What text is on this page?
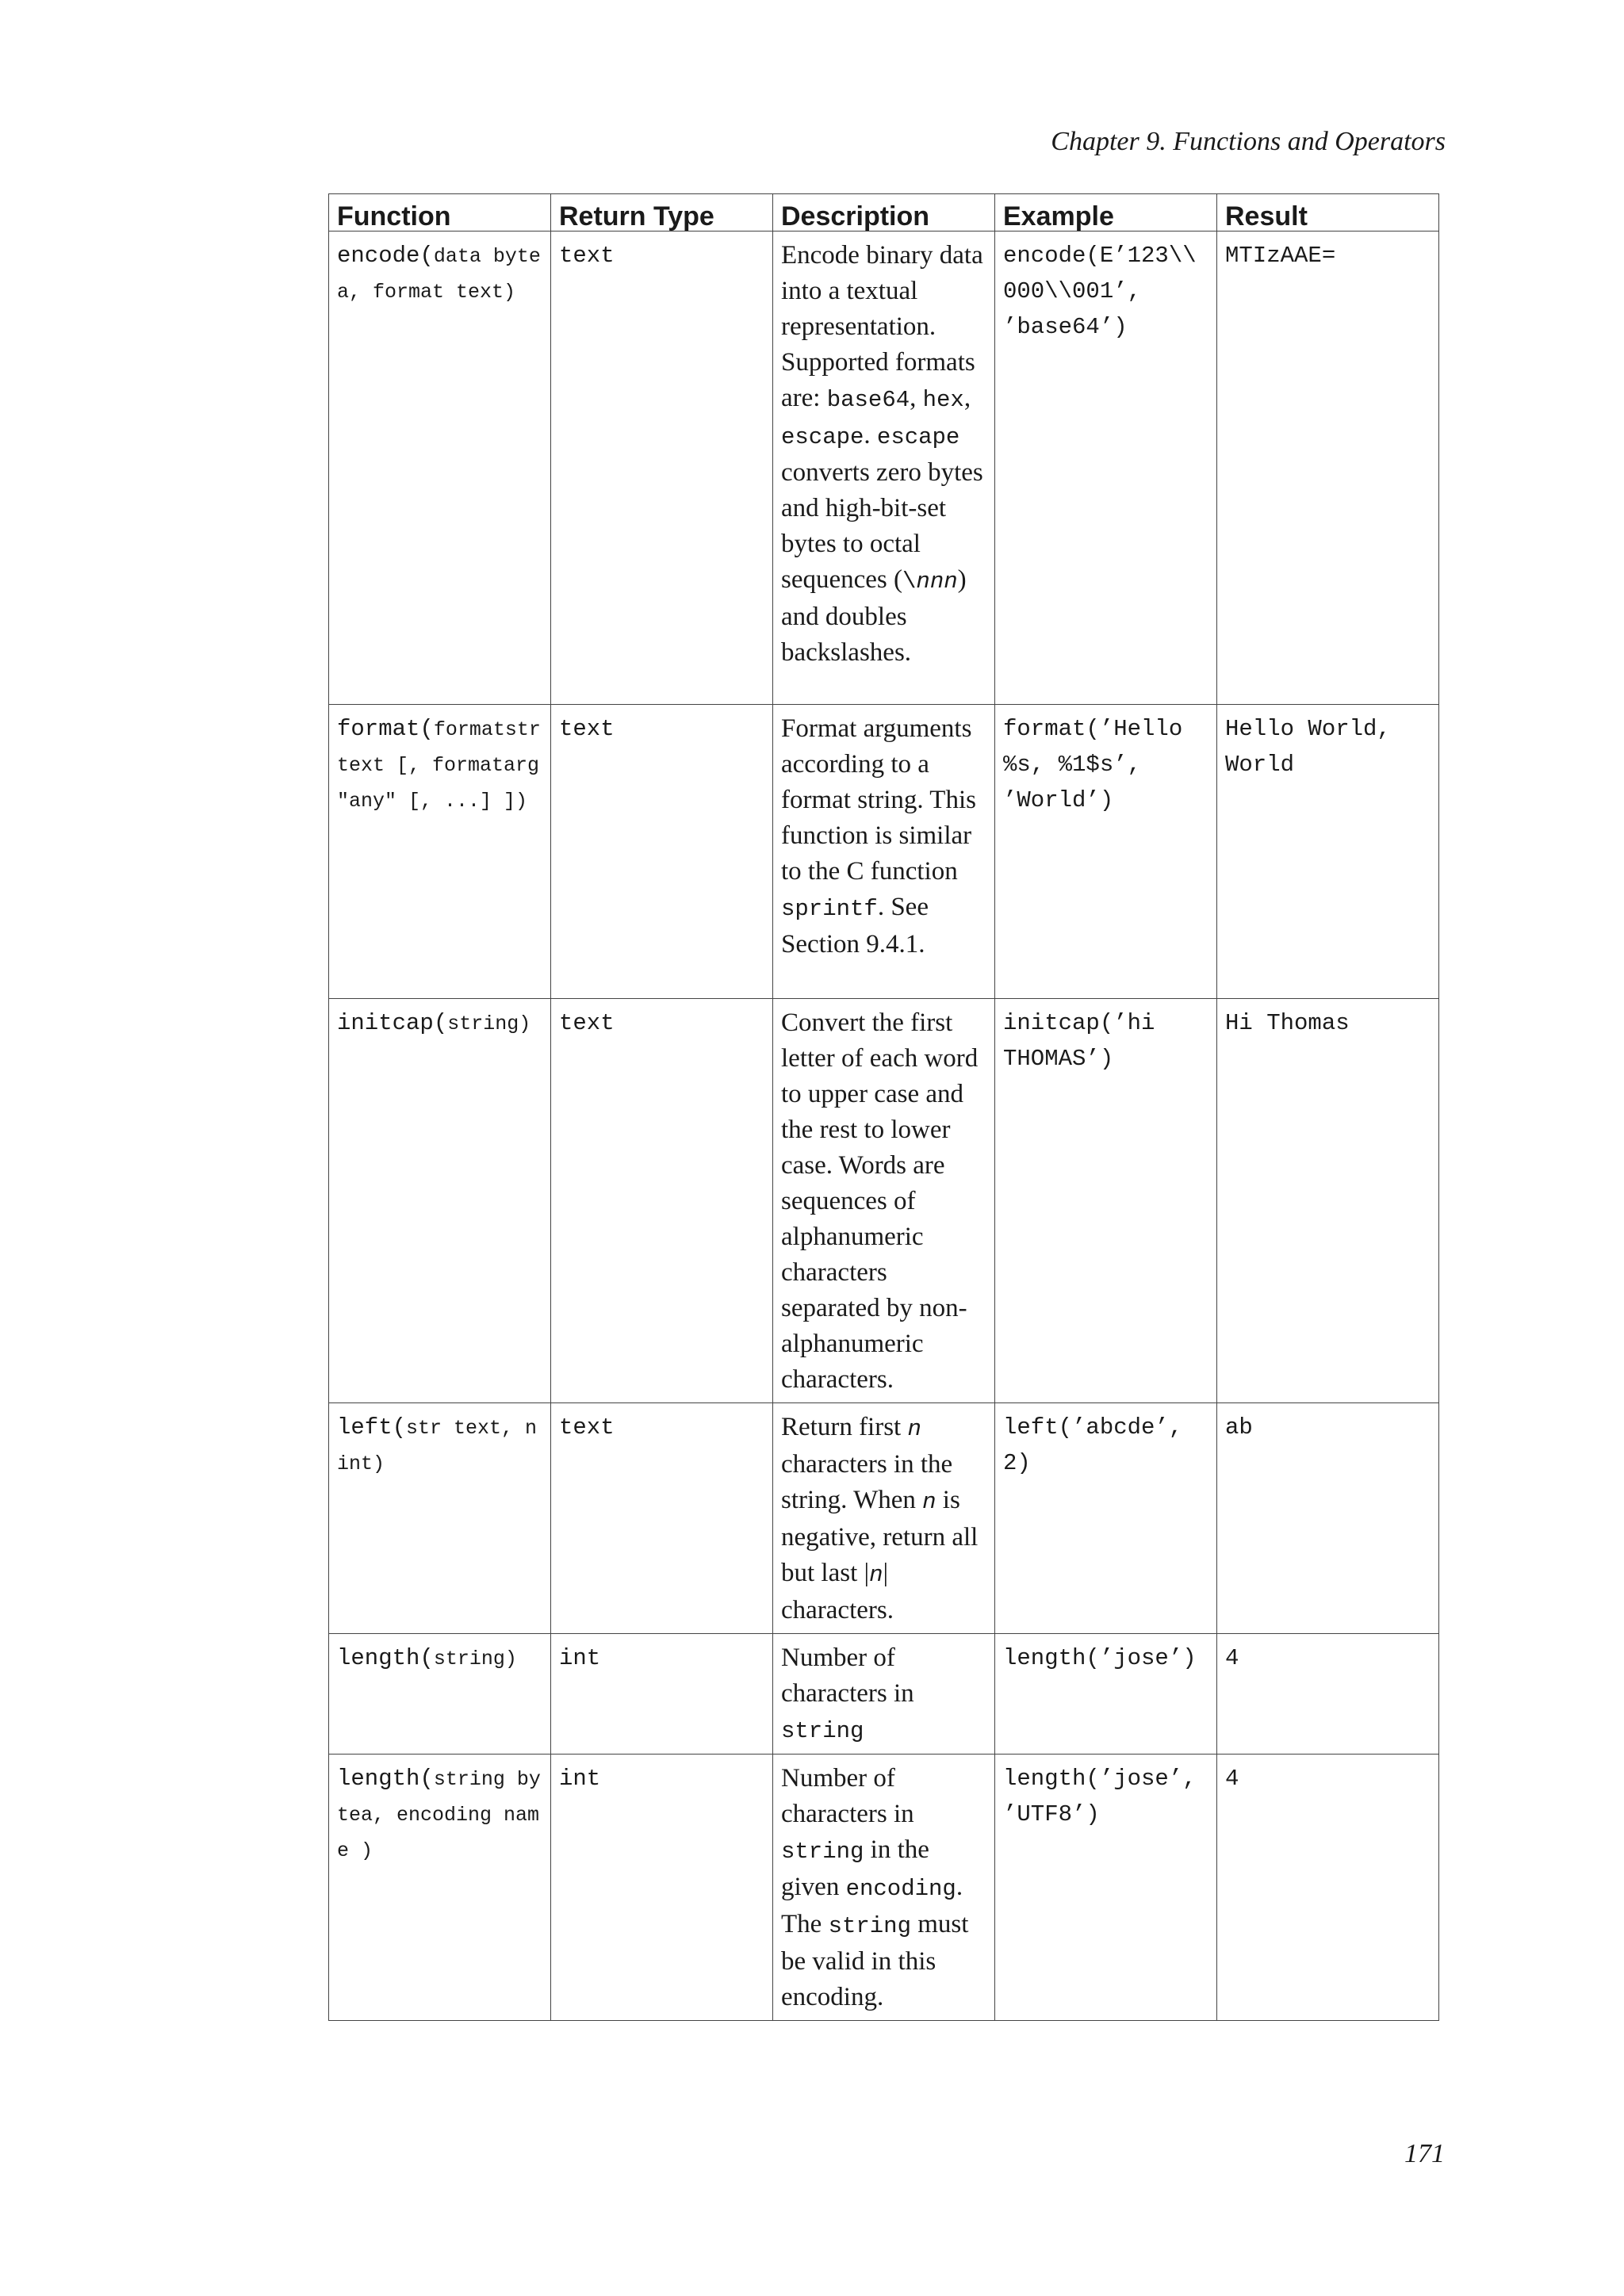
Chapter 9. Functions and Operators
Function	Return Type	Description	Example	Result
encode(data bytea, format text)	text	Encode binary data into a textual representation. Supported formats are: base64, hex, escape. escape converts zero bytes and high-bit-set bytes to octal sequences (\nnn) and doubles backslashes.	encode(E’123\\000\\001’, ’base64’)	MTIzAAE=
format(formatstr text [, formatarg "any" [, ...] ])	text	Format arguments according to a format string. This function is similar to the C function sprintf. See Section 9.4.1.	format(’Hello %s, %1$s’, ’World’)	Hello World, World
initcap(string)	text	Convert the first letter of each word to upper case and the rest to lower case. Words are sequences of alphanumeric characters separated by non-alphanumeric characters.	initcap(’hi THOMAS’)	Hi Thomas
left(str text, n int)	text	Return first n characters in the string. When n is negative, return all but last |n| characters.	left(’abcde’, 2)	ab
length(string)	int	Number of characters in string	length(’jose’)	4
length(string bytea, encoding name )	int	Number of characters in string in the given encoding. The string must be valid in this encoding.	length(’jose’, ’UTF8’)	4
171
